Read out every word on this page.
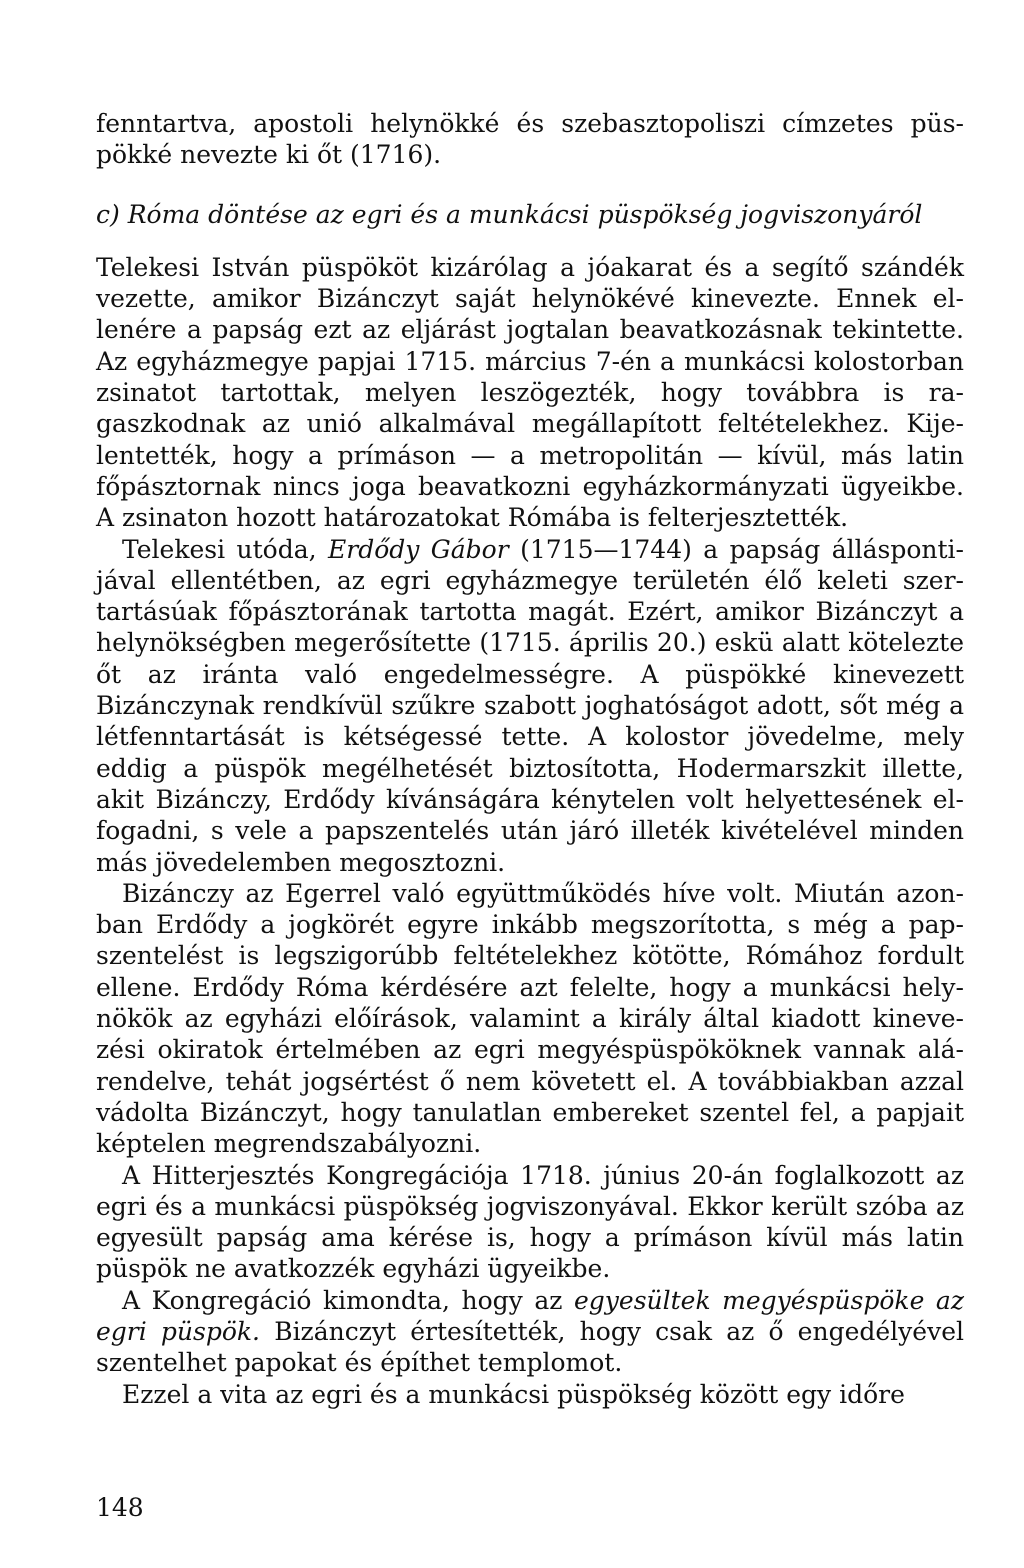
fenntartva, apostoli helynökké és szebasztopoliszi címzetes püspökké nevezte ki őt (1716).

c) Róma döntése az egri és a munkácsi püspökség jogviszonyáról

Telekesi István püspököt kizárólag a jóakarat és a segítő szándék vezette, amikor Bizánczyt saját helynökévé kinevezte. Ennek ellenére a papság ezt az eljárást jogtalan beavatkozásnak tekintette. Az egyházmegye papjai 1715. március 7-én a munkácsi kolostorban zsinatot tartottak, melyen leszögezték, hogy továbbra is ragaszkodnak az unió alkalmával megállapított feltételekhez. Kijelentették, hogy a prímáson — a metropolitán — kívül, más latin főpásztornak nincs joga beavatkozni egyházkormányzati ügyeikbe. A zsinaton hozott határozatokat Rómába is felterjesztették.

Telekesi utóda, Erdődy Gábor (1715—1744) a papság álláspontijával ellentétben, az egri egyházmegye területén élő keleti szertartásúak főpásztorának tartotta magát. Ezért, amikor Bizánczyt a helynökségben megerősítette (1715. április 20.) eskü alatt kötelezte őt az iránta való engedelmességre. A püspökké kinevezett Bizánczynak rendkívül szűkre szabott joghatóságot adott, sőt még a létfenntartását is kétségessé tette. A kolostor jövedelme, mely eddig a püspök megélhetését biztosította, Hodermarszkit illette, akit Bizánczy, Erdődy kívánságára kénytelen volt helyettesének elfogadni, s vele a papszentelés után járó illeték kivételével minden más jövedelemben megosztozni.

Bizánczy az Egerrel való együttműködés híve volt. Miután azonban Erdődy a jogkörét egyre inkább megszorította, s még a papszentelést is legszigorúbb feltételekhez kötötte, Rómához fordult ellene. Erdődy Róma kérdésére azt felelte, hogy a munkácsi helynökök az egyházi előírások, valamint a király által kiadott kinevezési okiratok értelmében az egri megyéspüspököknek vannak alárendelve, tehát jogsértést ő nem követett el. A továbbiakban azzal vádolta Bizánczyt, hogy tanulatlan embereket szentel fel, a papjait képtelen megrendszabályozni.

A Hitterjesztés Kongregációja 1718. június 20-án foglalkozott az egri és a munkácsi püspökség jogviszonyával. Ekkor került szóba az egyesült papság ama kérése is, hogy a prímáson kívül más latin püspök ne avatkozzék egyházi ügyeikbe.

A Kongregáció kimondta, hogy az egyesültek megyéspüspöke az egri püspök. Bizánczyt értesítették, hogy csak az ő engedélyével szentelhet papokat és építhet templomot.

Ezzel a vita az egri és a munkácsi püspökség között egy időre

148
